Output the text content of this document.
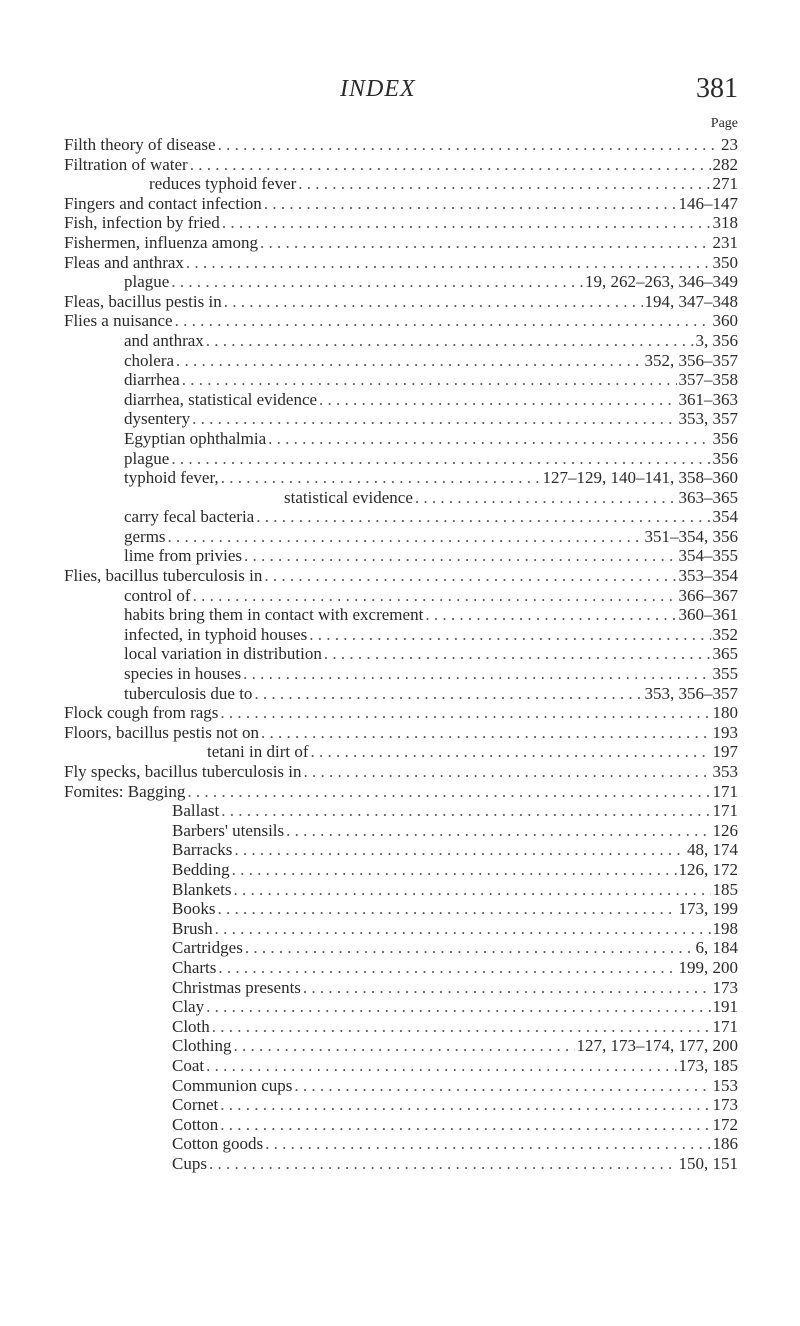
INDEX	381
Page
Filth theory of disease . . .	23
Filtration of water . . .	282
reduces typhoid fever . . .	271
Fingers and contact infection . . .	146–147
Fish, infection by fried . . .	318
Fishermen, influenza among . . .	231
Fleas and anthrax . . .	350
plague . . .	19, 262–263, 346–349
Fleas, bacillus pestis in . . .	194, 347–348
Flies a nuisance . . .	360
and anthrax . . .	3, 356
cholera . . .	352, 356–357
diarrhea . . .	357–358
diarrhea, statistical evidence . . .	361–363
dysentery . . .	353, 357
Egyptian ophthalmia . . .	356
plague . . .	356
typhoid fever, . . .	127–129, 140–141, 358–360
statistical evidence . . .	363–365
carry fecal bacteria . . .	354
germs . . .	351–354, 356
lime from privies . . .	354–355
Flies, bacillus tuberculosis in . . .	353–354
control of . . .	366–367
habits bring them in contact with excrement . . .	360–361
infected, in typhoid houses . . .	352
local variation in distribution . . .	365
species in houses . . .	355
tuberculosis due to . . .	353, 356–357
Flock cough from rags . . .	180
Floors, bacillus pestis not on . . .	193
tetani in dirt of . . .	197
Fly specks, bacillus tuberculosis in . . .	353
Fomites: Bagging . . .	171
Ballast . . .	171
Barbers' utensils . . .	126
Barracks . . .	48, 174
Bedding . . .	126, 172
Blankets . . .	185
Books . . .	173, 199
Brush . . .	198
Cartridges . . .	6, 184
Charts . . .	199, 200
Christmas presents . . .	173
Clay . . .	191
Cloth . . .	171
Clothing . . .	127, 173–174, 177, 200
Coat . . .	173, 185
Communion cups . . .	153
Cornet . . .	173
Cotton . . .	172
Cotton goods . . .	186
Cups . . .	150, 151
